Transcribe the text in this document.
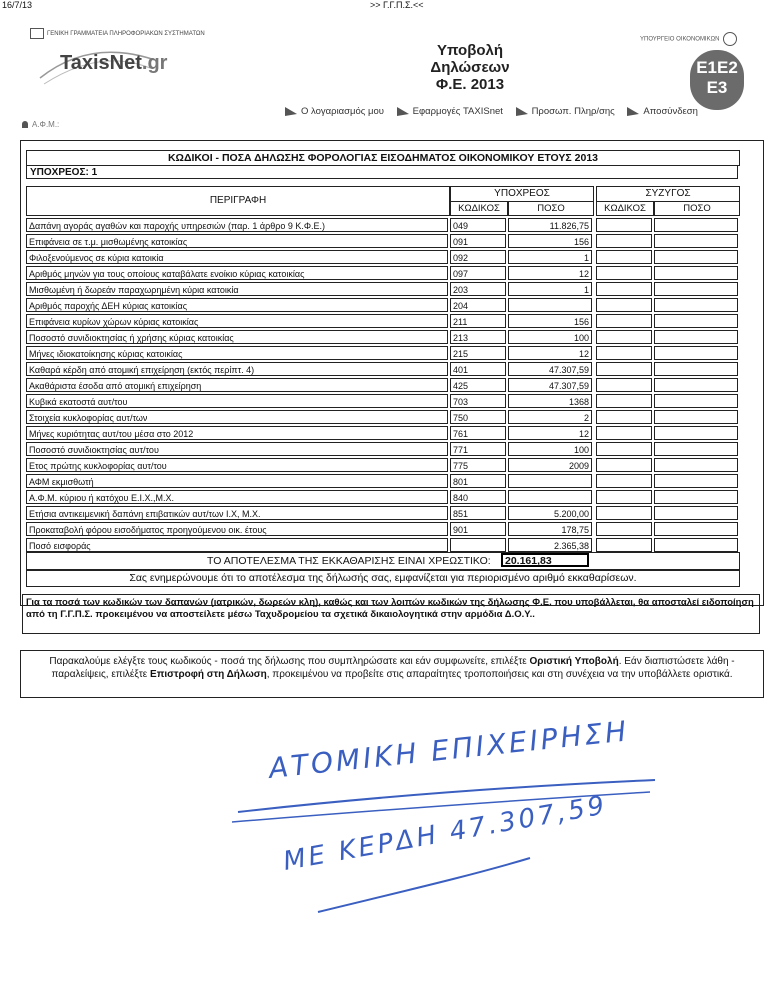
16/7/13	>> Γ.Γ.Π.Σ.<<
ΓΕΝΙΚΗ ΓΡΑΜΜΑΤΕΙΑ ΠΛΗΡΟΦΟΡΙΑΚΩΝ ΣΥΣΤΗΜΑΤΩΝ
TaxisNet.gr
Υποβολή Δηλώσεων
Φ.Ε. 2013
ΥΠΟΥΡΓΕΙΟ ΟΙΚΟΝΟΜΙΚΩΝ
E1E2
E3
Ο λογαριασμός μου	Εφαρμογές TAXISnet	Προσωπ. Πληρ/σης	Αποσύνδεση
Α.Φ.Μ.:
ΚΩΔΙΚΟΙ - ΠΟΣΑ ΔΗΛΩΣΗΣ ΦΟΡΟΛΟΓΙΑΣ ΕΙΣΟΔΗΜΑΤΟΣ ΟΙΚΟΝΟΜΙΚΟΥ ΕΤΟΥΣ 2013
ΥΠΟΧΡΕΟΣ: 1
ΠΕΡΙΓΡΑΦΗ
ΥΠΟΧΡΕΟΣ	ΣΥΖΥΓΟΣ
ΚΩΔΙΚΟΣ	ΠΟΣΟ	ΚΩΔΙΚΟΣ	ΠΟΣΟ
Δαπάνη αγοράς αγαθών και παροχής υπηρεσιών (παρ. 1 άρθρο 9 Κ.Φ.Ε.)	049	11.826,75
Επιφάνεια σε τ.μ. μισθωμένης κατοικίας	091	156
Φιλοξενούμενος σε κύρια κατοικία	092	1
Αριθμός μηνών για τους οποίους καταβάλατε ενοίκιο κύριας κατοικίας	097	12
Μισθωμένη ή δωρεάν παραχωρημένη κύρια κατοικία	203	1
Αριθμός παροχής ΔΕΗ κύριας κατοικίας	204
Επιφάνεια κυρίων χώρων κύριας κατοικίας	211	156
Ποσοστό συνιδιοκτησίας ή χρήσης κύριας κατοικίας	213	100
Μήνες ιδιοκατοίκησης κύριας κατοικίας	215	12
Καθαρά κέρδη από ατομική επιχείρηση (εκτός περίπτ. 4)	401	47.307,59
Ακαθάριστα έσοδα από ατομική επιχείρηση	425	47.307,59
Κυβικά εκατοστά αυτ/του	703	1368
Στοιχεία κυκλοφορίας αυτ/των	750	2
Μήνες κυριότητας αυτ/του μέσα στο 2012	761	12
Ποσοστό συνιδιοκτησίας αυτ/του	771	100
Ετος πρώτης κυκλοφορίας αυτ/του	775	2009
ΑΦΜ εκμισθωτή	801
Α.Φ.Μ. κύριου ή κατόχου Ε.Ι.Χ.,Μ.Χ.	840
Ετήσια αντικειμενική δαπάνη επιβατικών αυτ/των Ι.Χ, Μ.Χ.	851	5.200,00
Προκαταβολή φόρου εισοδήματος προηγούμενου οικ. έτους	901	178,75
Ποσό εισφοράς	2.365,38
ΤΟ ΑΠΟΤΕΛΕΣΜΑ ΤΗΣ ΕΚΚΑΘΑΡΙΣΗΣ ΕΙΝΑΙ ΧΡΕΩΣΤΙΚΟ:	20.161,83
Σας ενημερώνουμε ότι το αποτέλεσμα της δήλωσής σας, εμφανίζεται για περιορισμένο αριθμό εκκαθαρίσεων.
Για τα ποσά των κωδικών των δαπανών (ιατρικών, δωρεών κλη), καθώς και των λοιπών κωδικών της δήλωσης Φ.Ε. που υποβάλλεται, θα αποσταλεί ειδοποίηση από τη Γ.Γ.Π.Σ. προκειμένου να αποστείλετε μέσω Ταχυδρομείου τα σχετικά δικαιολογητικά στην αρμόδια Δ.Ο.Υ..
Παρακαλούμε ελέγξτε τους κωδικούς - ποσά της δήλωσης που συμπληρώσατε και εάν συμφωνείτε, επιλέξτε Οριστική Υποβολή. Εάν διαπιστώσετε λάθη - παραλείψεις, επιλέξτε Επιστροφή στη Δήλωση, προκειμένου να προβείτε στις απαραίτητες τροποποιήσεις και στη συνέχεια να την υποβάλλετε οριστικά.
ΑΤΟΜΙΚΗ ΕΠΙΧΕΙΡΗΣΗ
ΜΕ ΚΕΡΔΗ 47.307,59
